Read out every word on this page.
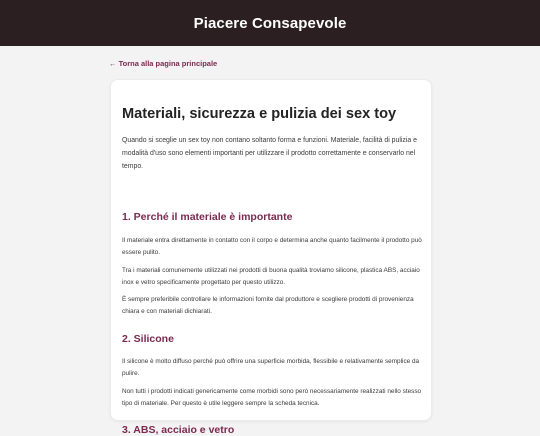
Piacere Consapevole
← Torna alla pagina principale
Materiali, sicurezza e pulizia dei sex toy

Quando si sceglie un sex toy non contano soltanto forma e funzioni. Materiale, facilità di pulizia e modalità d'uso sono elementi importanti per utilizzare il prodotto correttamente e conservarlo nel tempo.

1. Perché il materiale è importante

Il materiale entra direttamente in contatto con il corpo e determina anche quanto facilmente il prodotto può essere pulito.

Tra i materiali comunemente utilizzati nei prodotti di buona qualità troviamo silicone, plastica ABS, acciaio inox e vetro specificamente progettato per questo utilizzo.

È sempre preferibile controllare le informazioni fornite dal produttore e scegliere prodotti di provenienza chiara e con materiali dichiarati.

2. Silicone

Il silicone è molto diffuso perché può offrire una superficie morbida, flessibile e relativamente semplice da pulire.

Non tutti i prodotti indicati genericamente come morbidi sono però necessariamente realizzati nello stesso tipo di materiale. Per questo è utile leggere sempre la scheda tecnica.

3. ABS, acciaio e vetro
